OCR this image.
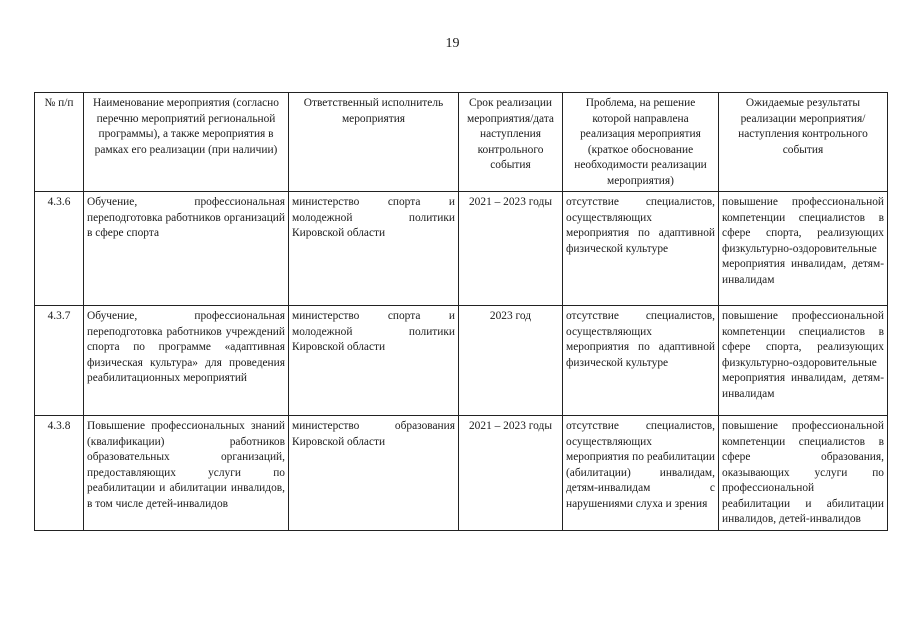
19
№ п/п	Наименование мероприятия (согласно перечню мероприятий региональной программы), а также мероприятия в рамках его реализации (при наличии)	Ответственный исполнитель мероприятия	Срок реализации мероприятия/дата наступления контрольного события	Проблема, на решение которой направлена реализация мероприятия (краткое обоснование необходимости реализации мероприятия)	Ожидаемые результаты реализации мероприятия/наступления контрольного события
4.3.6	Обучение, профессиональная переподготовка работников организаций в сфере спорта	министерство спорта и молодежной политики Кировской области	2021 – 2023 годы	отсутствие специалистов, осуществляющих мероприятия по адаптивной физической культуре	повышение профессиональной компетенции специалистов в сфере спорта, реализующих физкультурно-оздоровительные мероприятия инвалидам, детям-инвалидам
4.3.7	Обучение, профессиональная переподготовка работников учреждений спорта по программе «адаптивная физическая культура» для проведения реабилитационных мероприятий	министерство спорта и молодежной политики Кировской области	2023 год	отсутствие специалистов, осуществляющих мероприятия по адаптивной физической культуре	повышение профессиональной компетенции специалистов в сфере спорта, реализующих физкультурно-оздоровительные мероприятия инвалидам, детям-инвалидам
4.3.8	Повышение профессиональных знаний (квалификации) работников образовательных организаций, предоставляющих услуги по реабилитации и абилитации инвалидов, в том числе детей-инвалидов	министерство образования Кировской области	2021 – 2023 годы	отсутствие специалистов, осуществляющих мероприятия по реабилитации (абилитации) инвалидам, детям-инвалидам с нарушениями слуха и зрения	повышение профессиональной компетенции специалистов в сфере образования, оказывающих услуги по профессиональной реабилитации и абилитации инвалидов, детей-инвалидов
